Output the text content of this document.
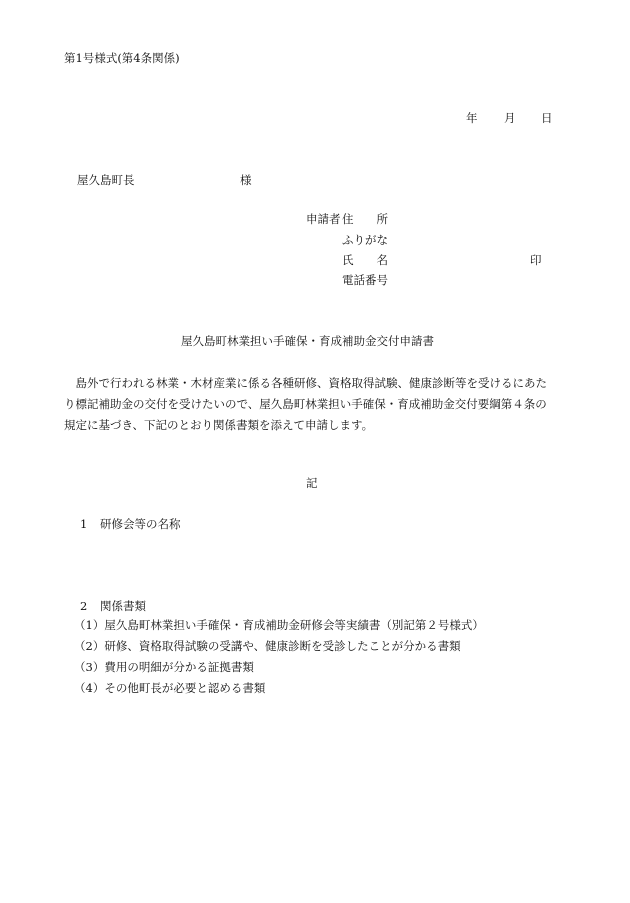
第1号様式(第4条関係)
年 月 日
屋久島町長	様
申請者 住　　所
ふりがな
氏　　名	印
電話番号
屋久島町林業担い手確保・育成補助金交付申請書
　島外で行われる林業・木材産業に係る各種研修、資格取得試験、健康診断等を受けるにあた
り標記補助金の交付を受けたいので、屋久島町林業担い手確保・育成補助金交付要綱第４条の
規定に基づき、下記のとおり関係書類を添えて申請します。
記
1 研修会等の名称
2 関係書類
（1）屋久島町林業担い手確保・育成補助金研修会等実績書（別記第２号様式）
（2）研修、資格取得試験の受講や、健康診断を受診したことが分かる書類
（3）費用の明細が分かる証拠書類
（4）その他町長が必要と認める書類
